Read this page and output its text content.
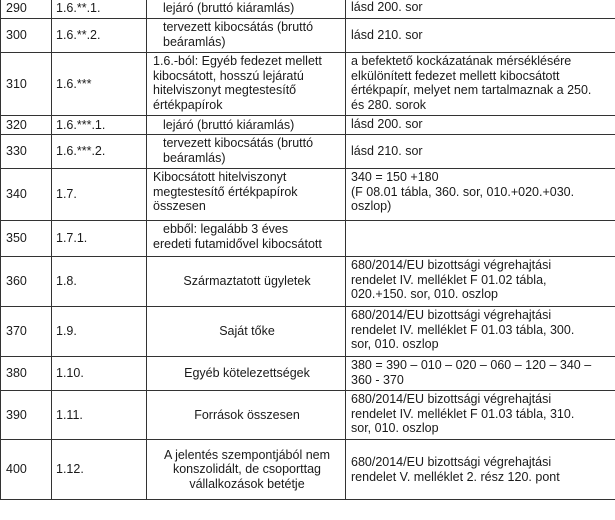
290	1.6.**.1.	lejáró (bruttó kiáramlás)	lásd 200. sor

300	1.6.**.2.	tervezett kibocsátás (bruttó
beáramlás)	lásd 210. sor

310	1.6.***	1.6.-ból: Egyéb fedezet mellett
kibocsátott, hosszú lejáratú
hitelviszonyt megtestesítő
értékpapírok	a befektető kockázatának mérséklésére
elkülönített fedezet mellett kibocsátott
értékpapír, melyet nem tartalmaznak a 250.
és 280. sorok

320	1.6.***.1.	lejáró (bruttó kiáramlás)	lásd 200. sor

330	1.6.***.2.	tervezett kibocsátás (bruttó
beáramlás)	lásd 210. sor

340	1.7.	Kibocsátott hitelviszonyt
megtestesítő értékpapírok
összesen	340 = 150 +180
(F 08.01 tábla, 360. sor, 010.+020.+030.
oszlop)

350	1.7.1.	ebből: legalább 3 éves
eredeti futamidővel kibocsátott	

360	1.8.	Származtatott ügyletek	680/2014/EU bizottsági végrehajtási
rendelet IV. melléklet F 01.02 tábla,
020.+150. sor, 010. oszlop

370	1.9.	Saját tőke	680/2014/EU bizottsági végrehajtási
rendelet IV. melléklet F 01.03 tábla, 300.
sor, 010. oszlop

380	1.10.	Egyéb kötelezettségek	380 = 390 – 010 – 020 – 060 – 120 – 340 –
360 - 370

390	1.11.	Források összesen	680/2014/EU bizottsági végrehajtási
rendelet IV. melléklet F 01.03 tábla, 310.
sor, 010. oszlop

400	1.12.	A jelentés szempontjából nem
konszolidált, de csoporttag
vállalkozások betétje	680/2014/EU bizottsági végrehajtási
rendelet V. melléklet 2. rész 120. pont
